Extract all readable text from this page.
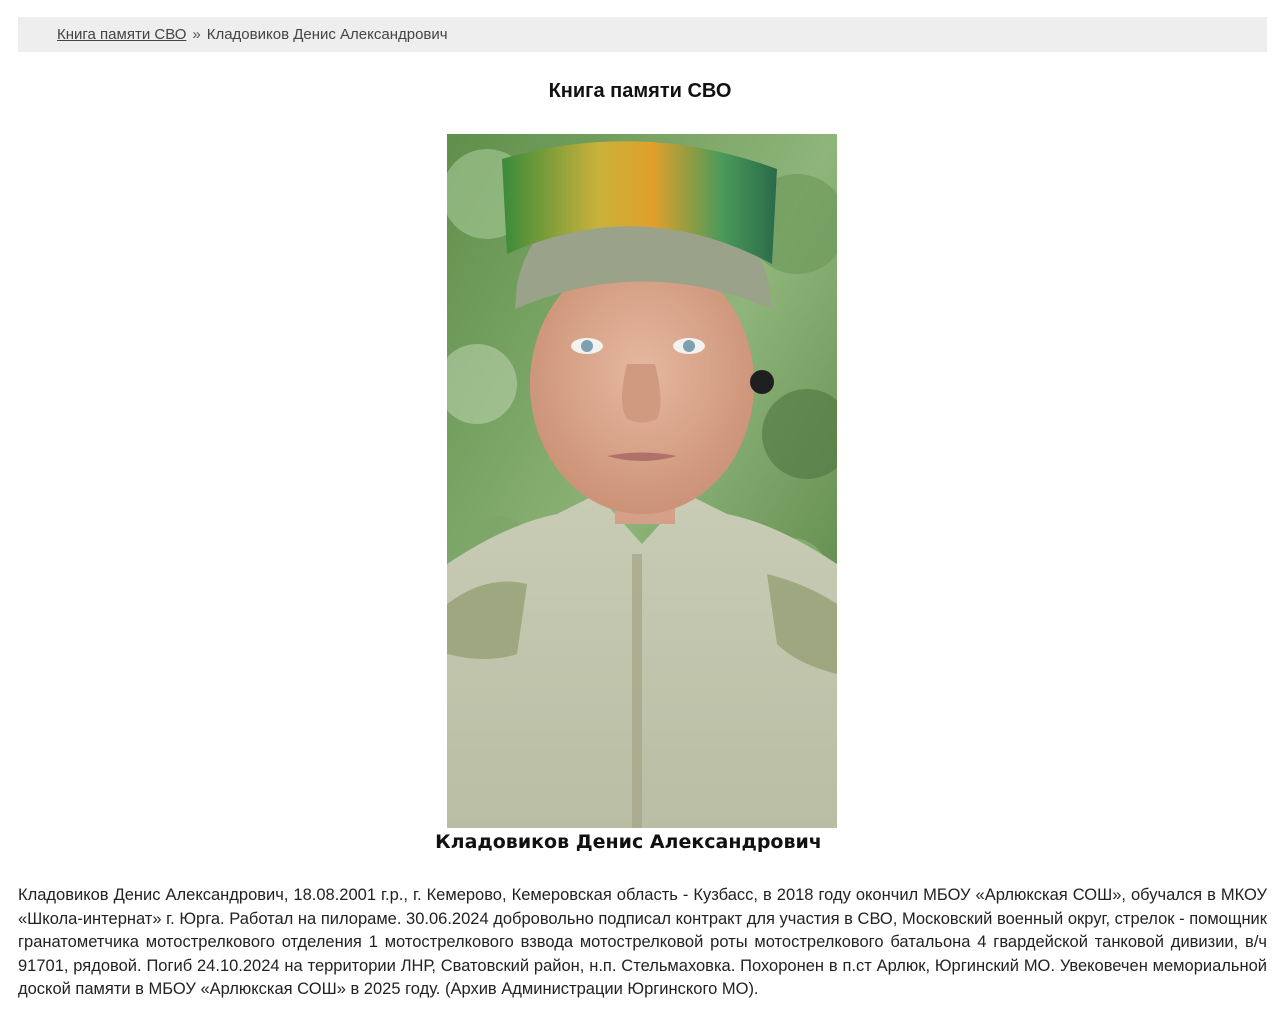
Книга памяти СВО » Кладовиков Денис Александрович
Книга памяти СВО
Кладовиков Денис Александрович

Кладовиков Денис Александрович, 18.08.2001 г.р., г. Кемерово, Кемеровская область - Кузбасс, в 2018 году окончил МБОУ «Арлюкская СОШ», обучался в МКОУ «Школа-интернат» г. Юрга. Работал на пилораме. 30.06.2024 добровольно подписал контракт для участия в СВО, Московский военный округ, стрелок - помощник гранатометчика мотострелкового отделения 1 мотострелкового взвода мотострелковой роты мотострелкового батальона 4 гвардейской танковой дивизии, в/ч 91701, рядовой. Погиб 24.10.2024 на территории ЛНР, Сватовский район, н.п. Стельмаховка. Похоронен в п.ст Арлюк, Юргинский МО. Увековечен мемориальной доской памяти в МБОУ «Арлюкская СОШ» в 2025 году. (Архив Администрации Юргинского МО).
